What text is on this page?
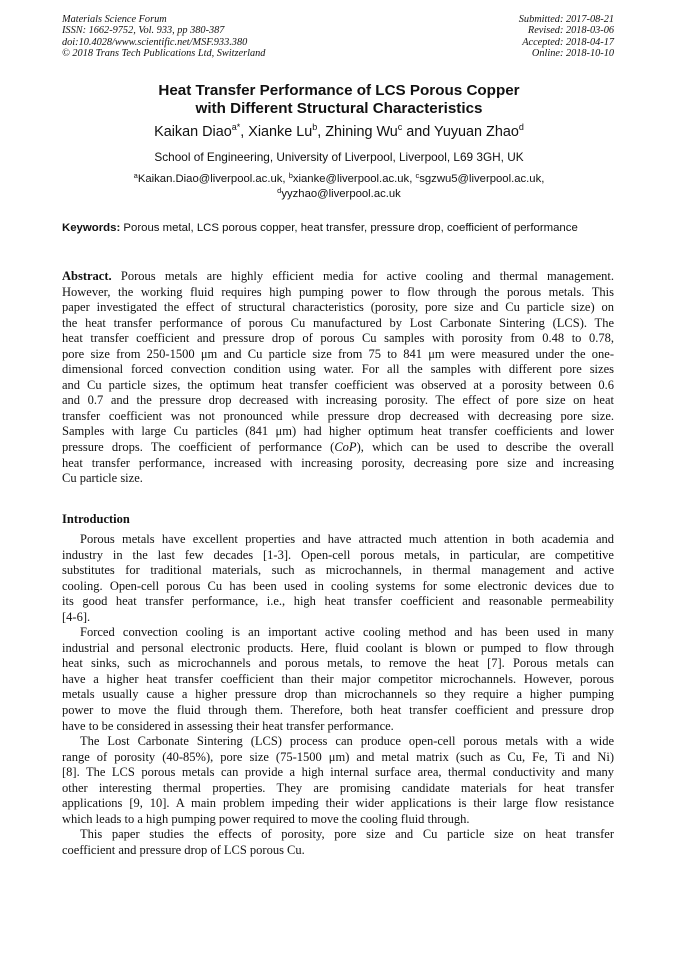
Materials Science Forum
ISSN: 1662-9752, Vol. 933, pp 380-387
doi:10.4028/www.scientific.net/MSF.933.380
© 2018 Trans Tech Publications Ltd, Switzerland
Submitted: 2017-08-21
Revised: 2018-03-06
Accepted: 2018-04-17
Online: 2018-10-10
Heat Transfer Performance of LCS Porous Copper
with Different Structural Characteristics
Kaikan Diao$^{a*}$, Xianke Lu$^b$, Zhining Wu$^c$ and Yuyuan Zhao$^d$
School of Engineering, University of Liverpool, Liverpool, L69 3GH, UK
$^a$Kaikan.Diao@liverpool.ac.uk, $^b$xianke@liverpool.ac.uk, $^c$sgzwu5@liverpool.ac.uk,
$^d$yyzhao@liverpool.ac.uk
Keywords: Porous metal, LCS porous copper, heat transfer, pressure drop, coefficient of performance
Abstract. Porous metals are highly efficient media for active cooling and thermal management.
However, the working fluid requires high pumping power to flow through the porous metals. This
paper investigated the effect of structural characteristics (porosity, pore size and Cu particle size) on
the heat transfer performance of porous Cu manufactured by Lost Carbonate Sintering (LCS). The
heat transfer coefficient and pressure drop of porous Cu samples with porosity from 0.48 to 0.78,
pore size from 250-1500 μm and Cu particle size from 75 to 841 μm were measured under the one-
dimensional forced convection condition using water. For all the samples with different pore sizes
and Cu particle sizes, the optimum heat transfer coefficient was observed at a porosity between 0.6
and 0.7 and the pressure drop decreased with increasing porosity. The effect of pore size on heat
transfer coefficient was not pronounced while pressure drop decreased with decreasing pore size.
Samples with large Cu particles (841 μm) had higher optimum heat transfer coefficients and lower
pressure drops. The coefficient of performance (CoP), which can be used to describe the overall
heat transfer performance, increased with increasing porosity, decreasing pore size and increasing
Cu particle size.
Introduction
Porous metals have excellent properties and have attracted much attention in both academia and
industry in the last few decades [1-3]. Open-cell porous metals, in particular, are competitive
substitutes for traditional materials, such as microchannels, in thermal management and active
cooling. Open-cell porous Cu has been used in cooling systems for some electronic devices due to
its good heat transfer performance, i.e., high heat transfer coefficient and reasonable permeability
[4-6].
Forced convection cooling is an important active cooling method and has been used in many
industrial and personal electronic products. Here, fluid coolant is blown or pumped to flow through
heat sinks, such as microchannels and porous metals, to remove the heat [7]. Porous metals can
have a higher heat transfer coefficient than their major competitor microchannels. However, porous
metals usually cause a higher pressure drop than microchannels so they require a higher pumping
power to move the fluid through them. Therefore, both heat transfer coefficient and pressure drop
have to be considered in assessing their heat transfer performance.
The Lost Carbonate Sintering (LCS) process can produce open-cell porous metals with a wide
range of porosity (40-85%), pore size (75-1500 μm) and metal matrix (such as Cu, Fe, Ti and Ni)
[8]. The LCS porous metals can provide a high internal surface area, thermal conductivity and many
other interesting thermal properties. They are promising candidate materials for heat transfer
applications [9, 10]. A main problem impeding their wider applications is their large flow resistance
which leads to a high pumping power required to move the cooling fluid through.
This paper studies the effects of porosity, pore size and Cu particle size on heat transfer
coefficient and pressure drop of LCS porous Cu.
